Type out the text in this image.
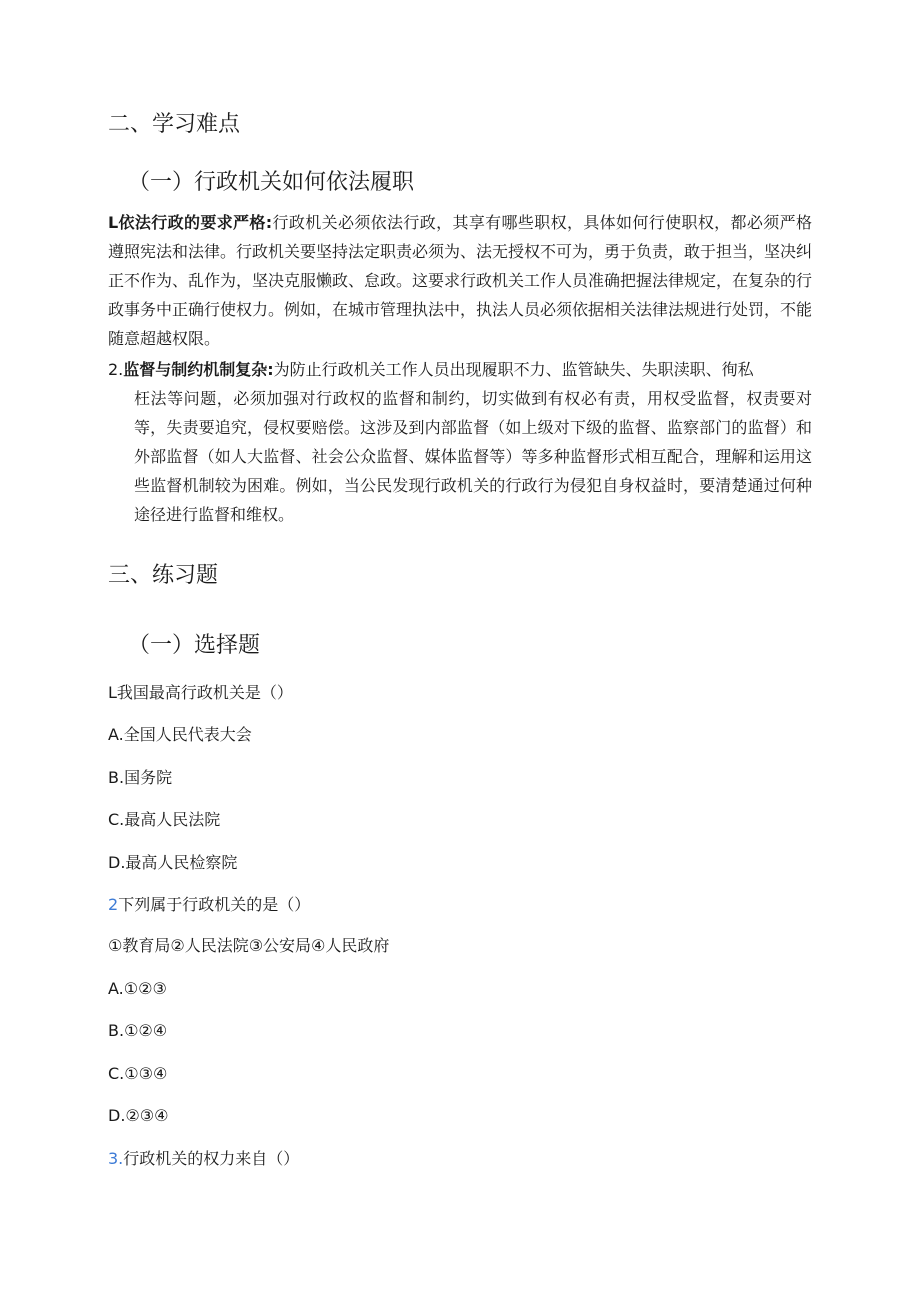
二、学习难点
（一）行政机关如何依法履职
L依法行政的要求严格:行政机关必须依法行政，其享有哪些职权，具体如何行使职权，都必须严格遵照宪法和法律。行政机关要坚持法定职责必须为、法无授权不可为，勇于负责，敢于担当，坚决纠正不作为、乱作为，坚决克服懒政、怠政。这要求行政机关工作人员准确把握法律规定，在复杂的行政事务中正确行使权力。例如，在城市管理执法中，执法人员必须依据相关法律法规进行处罚，不能随意超越权限。
2.监督与制约机制复杂:为防止行政机关工作人员出现履职不力、监管缺失、失职渎职、徇私
枉法等问题，必须加强对行政权的监督和制约，切实做到有权必有责，用权受监督，权责要对等，失责要追究，侵权要赔偿。这涉及到内部监督（如上级对下级的监督、监察部门的监督）和外部监督（如人大监督、社会公众监督、媒体监督等）等多种监督形式相互配合，理解和运用这些监督机制较为困难。例如，当公民发现行政机关的行政行为侵犯自身权益时，要清楚通过何种途径进行监督和维权。
三、练习题
（一）选择题
L我国最高行政机关是（）
A.全国人民代表大会
B.国务院
C.最高人民法院
D.最高人民检察院
2下列属于行政机关的是（）
①教育局②人民法院③公安局④人民政府
A.①②③
B.①②④
C.①③④
D.②③④
3.行政机关的权力来自（）
